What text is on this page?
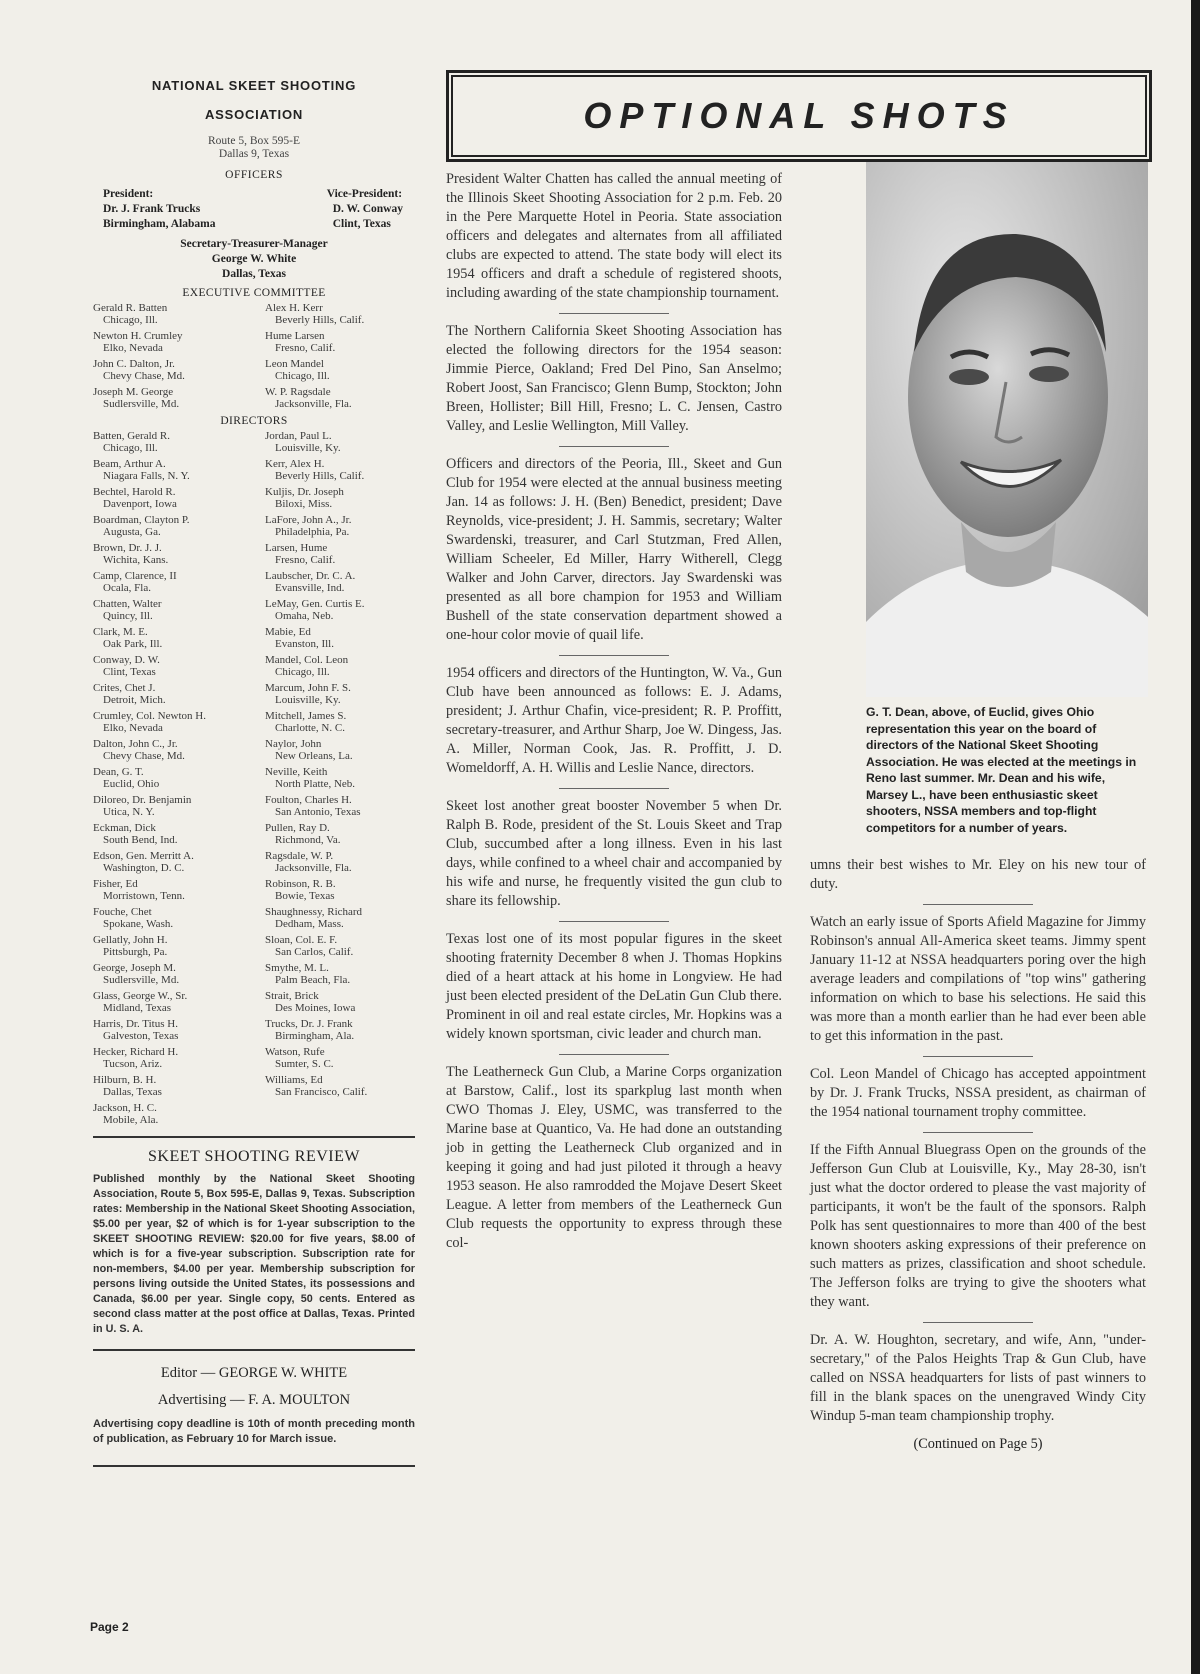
NATIONAL SKEET SHOOTING
ASSOCIATION
Route 5, Box 595-E
Dallas 9, Texas
OFFICERS
President:
Dr. J. Frank Trucks
Birmingham, Alabama
Vice-President:
D. W. Conway
Clint, Texas
Secretary-Treasurer-Manager
George W. White
Dallas, Texas
EXECUTIVE COMMITTEE
Gerald R. Batten
Chicago, Ill.
Alex H. Kerr
Beverly Hills, Calif.
Newton H. Crumley
Elko, Nevada
Hume Larsen
Fresno, Calif.
John C. Dalton, Jr.
Chevy Chase, Md.
Leon Mandel
Chicago, Ill.
Joseph M. George
Sudlersville, Md.
W. P. Ragsdale
Jacksonville, Fla.
DIRECTORS
Batten, Gerald R.
Chicago, Ill.
Jordan, Paul L.
Louisville, Ky.
Beam, Arthur A.
Niagara Falls, N. Y.
Kerr, Alex H.
Beverly Hills, Calif.
Bechtel, Harold R.
Davenport, Iowa
Kuljis, Dr. Joseph
Biloxi, Miss.
Boardman, Clayton P.
Augusta, Ga.
LaFore, John A., Jr.
Philadelphia, Pa.
Brown, Dr. J. J.
Wichita, Kans.
Larsen, Hume
Fresno, Calif.
Camp, Clarence, II
Ocala, Fla.
Laubscher, Dr. C. A.
Evansville, Ind.
Chatten, Walter
Quincy, Ill.
LeMay, Gen. Curtis E.
Omaha, Neb.
Clark, M. E.
Oak Park, Ill.
Mabie, Ed
Evanston, Ill.
Conway, D. W.
Clint, Texas
Mandel, Col. Leon
Chicago, Ill.
Crites, Chet J.
Detroit, Mich.
Marcum, John F. S.
Louisville, Ky.
Crumley, Col. Newton H.
Elko, Nevada
Mitchell, James S.
Charlotte, N. C.
Dalton, John C., Jr.
Chevy Chase, Md.
Naylor, John
New Orleans, La.
Dean, G. T.
Euclid, Ohio
Neville, Keith
North Platte, Neb.
Diloreo, Dr. Benjamin
Utica, N. Y.
Foulton, Charles H.
San Antonio, Texas
Eckman, Dick
South Bend, Ind.
Pullen, Ray D.
Richmond, Va.
Edson, Gen. Merritt A.
Washington, D. C.
Ragsdale, W. P.
Jacksonville, Fla.
Fisher, Ed
Morristown, Tenn.
Robinson, R. B.
Bowie, Texas
Fouche, Chet
Spokane, Wash.
Shaughnessy, Richard
Dedham, Mass.
Gellatly, John H.
Pittsburgh, Pa.
Sloan, Col. E. F.
San Carlos, Calif.
George, Joseph M.
Sudlersville, Md.
Smythe, M. L.
Palm Beach, Fla.
Glass, George W., Sr.
Midland, Texas
Strait, Brick
Des Moines, Iowa
Harris, Dr. Titus H.
Galveston, Texas
Trucks, Dr. J. Frank
Birmingham, Ala.
Hecker, Richard H.
Tucson, Ariz.
Watson, Rufe
Sumter, S. C.
Hilburn, B. H.
Dallas, Texas
Williams, Ed
San Francisco, Calif.
Jackson, H. C.
Mobile, Ala.
SKEET SHOOTING REVIEW
Published monthly by the National Skeet Shooting Association, Route 5, Box 595-E, Dallas 9, Texas. Subscription rates: Membership in the National Skeet Shooting Association, $5.00 per year, $2 of which is for 1-year subscription to the SKEET SHOOTING REVIEW: $20.00 for five years, $8.00 of which is for a five-year subscription. Subscription rate for non-members, $4.00 per year. Membership subscription for persons living outside the United States, its possessions and Canada, $6.00 per year. Single copy, 50 cents. Entered as second class matter at the post office at Dallas, Texas. Printed in U. S. A.
Editor — GEORGE W. WHITE
Advertising — F. A. MOULTON
Advertising copy deadline is 10th of month preceding month of publication, as February 10 for March issue.
Page 2
OPTIONAL SHOTS

President Walter Chatten has called the annual meeting of the Illinois Skeet Shooting Association for 2 p.m. Feb. 20 in the Pere Marquette Hotel in Peoria. State association officers and delegates and alternates from all affiliated clubs are expected to attend. The state body will elect its 1954 officers and draft a schedule of registered shoots, including awarding of the state championship tournament.

The Northern California Skeet Shooting Association has elected the following directors for the 1954 season: Jimmie Pierce, Oakland; Fred Del Pino, San Anselmo; Robert Joost, San Francisco; Glenn Bump, Stockton; John Breen, Hollister; Bill Hill, Fresno; L. C. Jensen, Castro Valley, and Leslie Wellington, Mill Valley.

Officers and directors of the Peoria, Ill., Skeet and Gun Club for 1954 were elected at the annual business meeting Jan. 14 as follows: J. H. (Ben) Benedict, president; Dave Reynolds, vice-president; J. H. Sammis, secretary; Walter Swardenski, treasurer, and Carl Stutzman, Fred Allen, William Scheeler, Ed Miller, Harry Witherell, Clegg Walker and John Carver, directors. Jay Swardenski was presented as all bore champion for 1953 and William Bushell of the state conservation department showed a one-hour color movie of quail life.

1954 officers and directors of the Huntington, W. Va., Gun Club have been announced as follows: E. J. Adams, president; J. Arthur Chafin, vice-president; R. P. Proffitt, secretary-treasurer, and Arthur Sharp, Joe W. Dingess, Jas. A. Miller, Norman Cook, Jas. R. Proffitt, J. D. Womeldorff, A. H. Willis and Leslie Nance, directors.

Skeet lost another great booster November 5 when Dr. Ralph B. Rode, president of the St. Louis Skeet and Trap Club, succumbed after a long illness. Even in his last days, while confined to a wheel chair and accompanied by his wife and nurse, he frequently visited the gun club to share its fellowship.

Texas lost one of its most popular figures in the skeet shooting fraternity December 8 when J. Thomas Hopkins died of a heart attack at his home in Longview. He had just been elected president of the DeLatin Gun Club there. Prominent in oil and real estate circles, Mr. Hopkins was a widely known sportsman, civic leader and church man.

The Leatherneck Gun Club, a Marine Corps organization at Barstow, Calif., lost its sparkplug last month when CWO Thomas J. Eley, USMC, was transferred to the Marine base at Quantico, Va. He had done an outstanding job in getting the Leatherneck Club organized and in keeping it going and had just piloted it through a heavy 1953 season. He also ramrodded the Mojave Desert Skeet League. A letter from members of the Leatherneck Gun Club requests the opportunity to express through these col-

G. T. Dean, above, of Euclid, gives Ohio representation this year on the board of directors of the National Skeet Shooting Association. He was elected at the meetings in Reno last summer. Mr. Dean and his wife, Marsey L., have been enthusiastic skeet shooters, NSSA members and top-flight competitors for a number of years.

umns their best wishes to Mr. Eley on his new tour of duty.

Watch an early issue of Sports Afield Magazine for Jimmy Robinson's annual All-America skeet teams. Jimmy spent January 11-12 at NSSA headquarters poring over the high average leaders and compilations of "top wins" gathering information on which to base his selections. He said this was more than a month earlier than he had ever been able to get this information in the past.

Col. Leon Mandel of Chicago has accepted appointment by Dr. J. Frank Trucks, NSSA president, as chairman of the 1954 national tournament trophy committee.

If the Fifth Annual Bluegrass Open on the grounds of the Jefferson Gun Club at Louisville, Ky., May 28-30, isn't just what the doctor ordered to please the vast majority of participants, it won't be the fault of the sponsors. Ralph Polk has sent questionnaires to more than 400 of the best known shooters asking expressions of their preference on such matters as prizes, classification and shoot schedule. The Jefferson folks are trying to give the shooters what they want.

Dr. A. W. Houghton, secretary, and wife, Ann, "under-secretary," of the Palos Heights Trap & Gun Club, have called on NSSA headquarters for lists of past winners to fill in the blank spaces on the unengraved Windy City Windup 5-man team championship trophy.

(Continued on Page 5)
